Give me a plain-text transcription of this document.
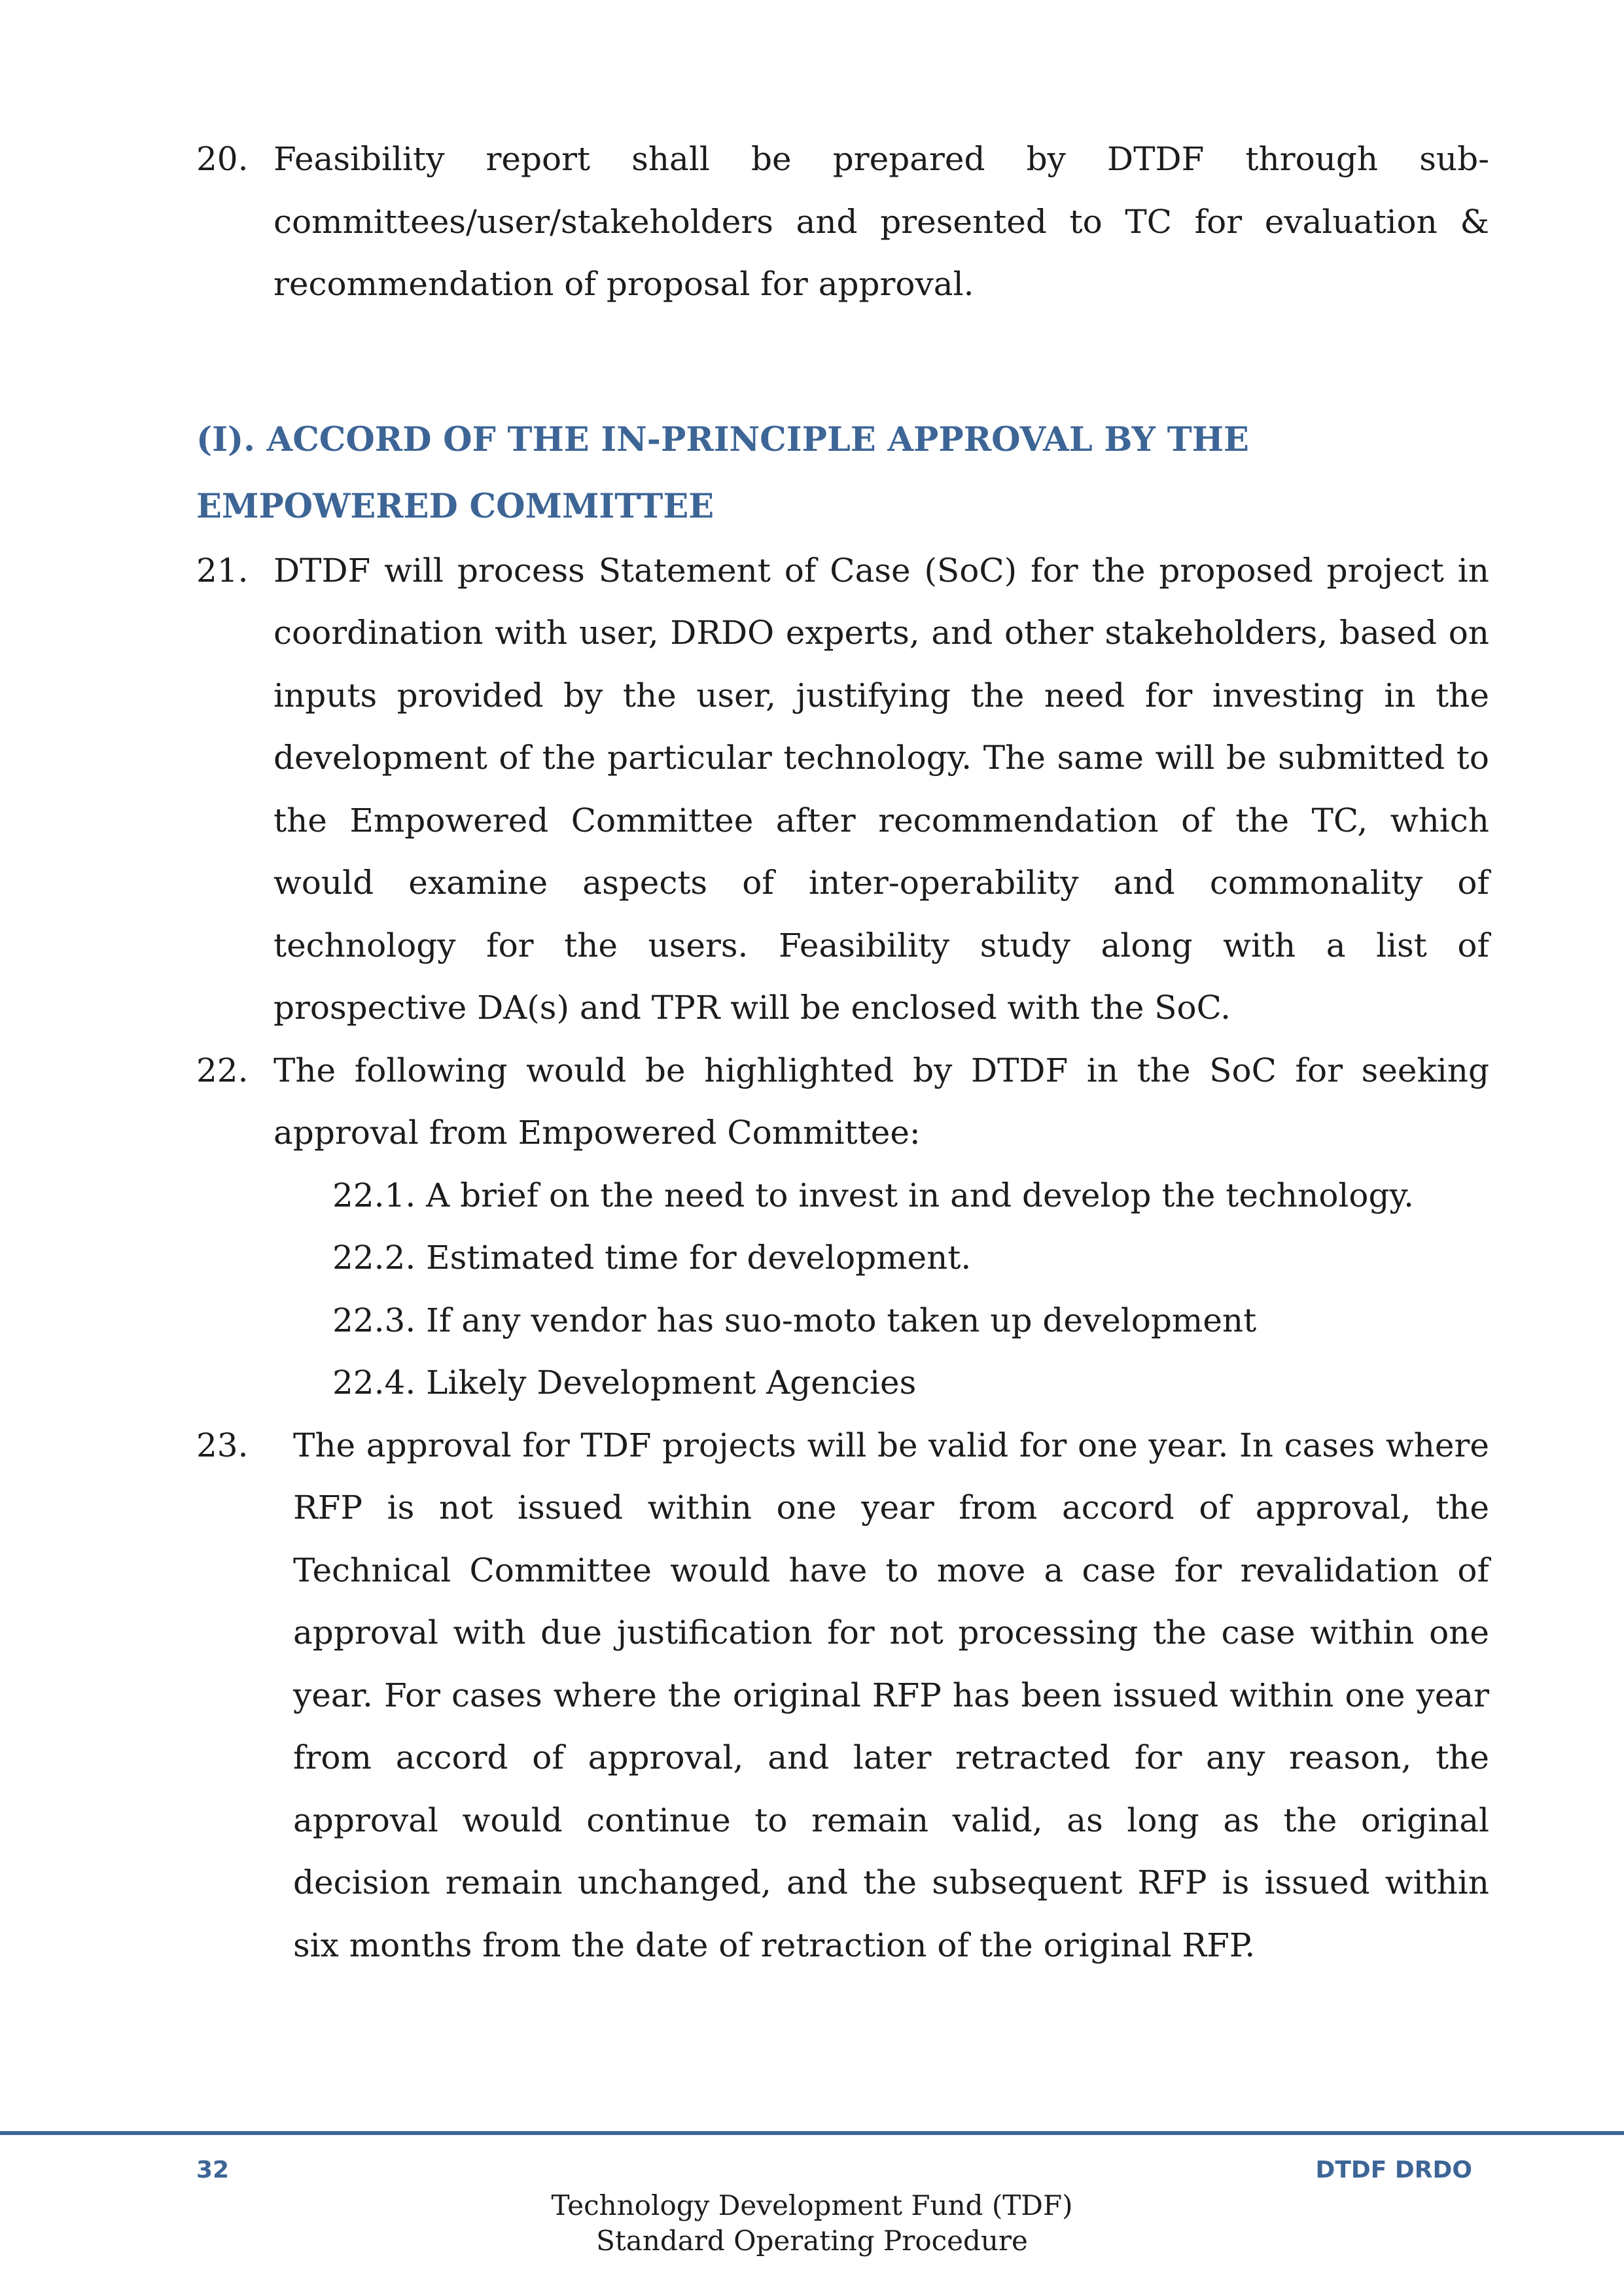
20. Feasibility report shall be prepared by DTDF through sub-committees/user/stakeholders and presented to TC for evaluation & recommendation of proposal for approval.
(I). ACCORD OF THE IN-PRINCIPLE APPROVAL BY THE
EMPOWERED COMMITTEE
21. DTDF will process Statement of Case (SoC) for the proposed project in coordination with user, DRDO experts, and other stakeholders, based on inputs provided by the user, justifying the need for investing in the development of the particular technology. The same will be submitted to the Empowered Committee after recommendation of the TC, which would examine aspects of inter-operability and commonality of technology for the users. Feasibility study along with a list of prospective DA(s) and TPR will be enclosed with the SoC.
22. The following would be highlighted by DTDF in the SoC for seeking approval from Empowered Committee:
22.1. A brief on the need to invest in and develop the technology.
22.2. Estimated time for development.
22.3. If any vendor has suo-moto taken up development
22.4. Likely Development Agencies
23.	The approval for TDF projects will be valid for one year. In cases where RFP is not issued within one year from accord of approval, the Technical Committee would have to move a case for revalidation of approval with due justification for not processing the case within one year. For cases where the original RFP has been issued within one year from accord of approval, and later retracted for any reason, the approval would continue to remain valid, as long as the original decision remain unchanged, and the subsequent RFP is issued within six months from the date of retraction of the original RFP.
32	DTDF DRDO
Technology Development Fund (TDF)
Standard Operating Procedure
